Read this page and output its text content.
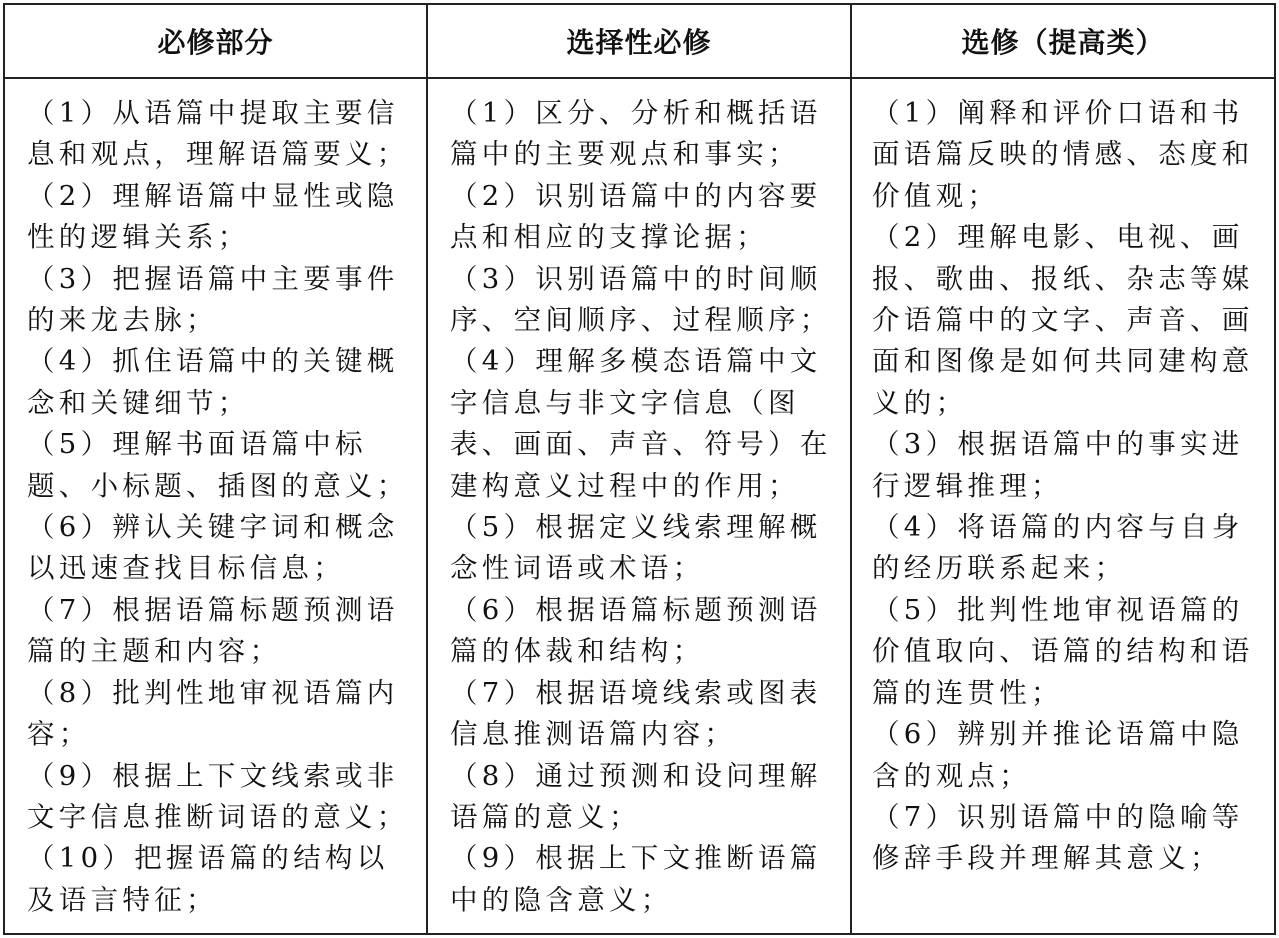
必修部分	选择性必修	选修（提高类）

（1）从语篇中提取主要信息和观点，理解语篇要义；

（2）理解语篇中显性或隐性的逻辑关系；

（3）把握语篇中主要事件的来龙去脉；

（4）抓住语篇中的关键概念和关键细节；

（5）理解书面语篇中标题、小标题、插图的意义；

（6）辨认关键字词和概念以迅速查找目标信息；

（7）根据语篇标题预测语篇的主题和内容；

（8）批判性地审视语篇内容；

（9）根据上下文线索或非文字信息推断词语的意义；

（10）把握语篇的结构以及语言特征；

（1）区分、分析和概括语篇中的主要观点和事实；

（2）识别语篇中的内容要点和相应的支撑论据；

（3）识别语篇中的时间顺序、空间顺序、过程顺序；

（4）理解多模态语篇中文字信息与非文字信息（图表、画面、声音、符号）在建构意义过程中的作用；

（5）根据定义线索理解概念性词语或术语；

（6）根据语篇标题预测语篇的体裁和结构；

（7）根据语境线索或图表信息推测语篇内容；

（8）通过预测和设问理解语篇的意义；

（9）根据上下文推断语篇中的隐含意义；

（1）阐释和评价口语和书面语篇反映的情感、态度和价值观；

（2）理解电影、电视、画报、歌曲、报纸、杂志等媒介语篇中的文字、声音、画面和图像是如何共同建构意义的；

（3）根据语篇中的事实进行逻辑推理；

（4）将语篇的内容与自身的经历联系起来；

（5）批判性地审视语篇的价值取向、语篇的结构和语篇的连贯性；

（6）辨别并推论语篇中隐含的观点；

（7）识别语篇中的隐喻等修辞手段并理解其意义；
